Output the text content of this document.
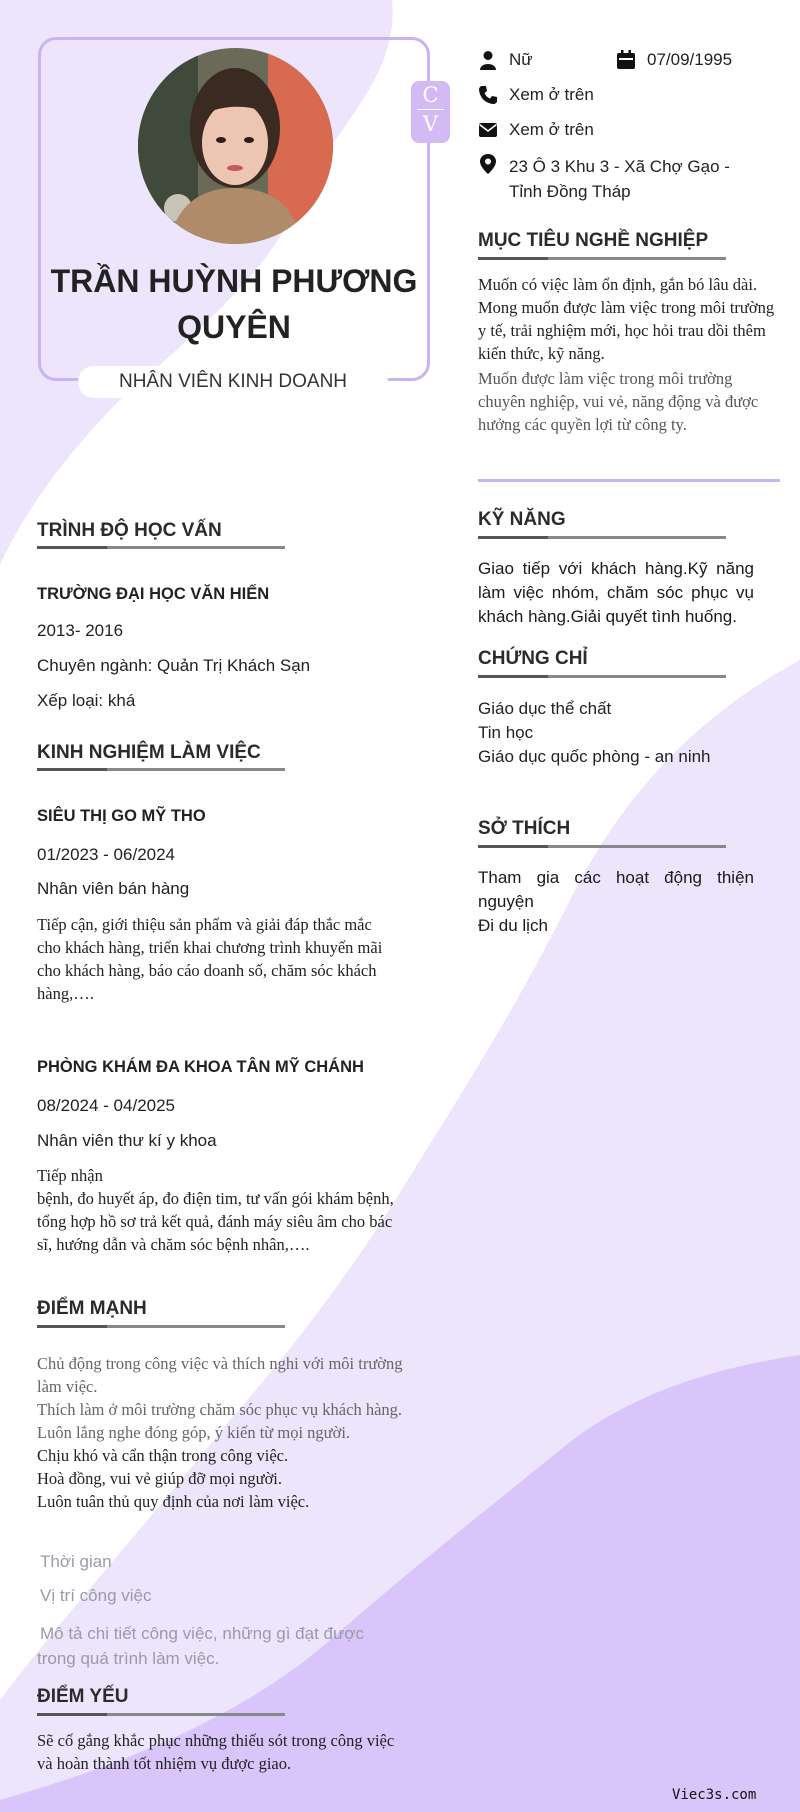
C
V
TRẦN HUỲNH PHƯƠNG QUYÊN
NHÂN VIÊN KINH DOANH
Nữ	07/09/1995
Xem ở trên
Xem ở trên
23 Ô 3 Khu 3 - Xã Chợ Gạo - Tỉnh Đồng Tháp
MỤC TIÊU NGHỀ NGHIỆP
Muốn có việc làm ổn định, gắn bó lâu dài. Mong muốn được làm việc trong môi trường y tế, trải nghiệm mới, học hỏi trau dồi thêm kiến thức, kỹ năng.
Muốn được làm việc trong môi trường chuyên nghiệp, vui vẻ, năng động và được hưởng các quyền lợi từ công ty.
KỸ NĂNG
Giao tiếp với khách hàng.Kỹ năng làm việc nhóm, chăm sóc phục vụ khách hàng.Giải quyết tình huống.
CHỨNG CHỈ
Giáo dục thể chất
Tin học
Giáo dục quốc phòng - an ninh
SỞ THÍCH
Tham gia các hoạt động thiện nguyện
Đi du lịch
TRÌNH ĐỘ HỌC VẤN
TRƯỜNG ĐẠI HỌC VĂN HIẾN
2013- 2016
Chuyên ngành: Quản Trị Khách Sạn
Xếp loại: khá
KINH NGHIỆM LÀM VIỆC
SIÊU THỊ GO MỸ THO
01/2023 - 06/2024
Nhân viên bán hàng
Tiếp cận, giới thiệu sản phẩm và giải đáp thắc mắc cho khách hàng, triển khai chương trình khuyến mãi cho khách hàng, báo cáo doanh số, chăm sóc khách hàng,….
PHÒNG KHÁM ĐA KHOA TÂN MỸ CHÁNH
08/2024 - 04/2025
Nhân viên thư kí y khoa
Tiếp nhận
bệnh, đo huyết áp, đo điện tim, tư vấn gói khám bệnh, tổng hợp hồ sơ trả kết quả, đánh máy siêu âm cho bác sĩ, hướng dẫn và chăm sóc bệnh nhân,….
ĐIỂM MẠNH
Chủ động trong công việc và thích nghi với môi trường làm việc.
Thích làm ở môi trường chăm sóc phục vụ khách hàng.
Luôn lắng nghe đóng góp, ý kiến từ mọi người.
Chịu khó và cẩn thận trong công việc.
Hoà đồng, vui vẻ giúp đỡ mọi người.
Luôn tuân thủ quy định của nơi làm việc.
Thời gian
Vị trí công việc
Mô tả chi tiết công việc, những gì đạt được trong quá trình làm việc.
ĐIỂM YẾU
Sẽ cố gắng khắc phục những thiếu sót trong công việc và hoàn thành tốt nhiệm vụ được giao.
Viec3s.com
